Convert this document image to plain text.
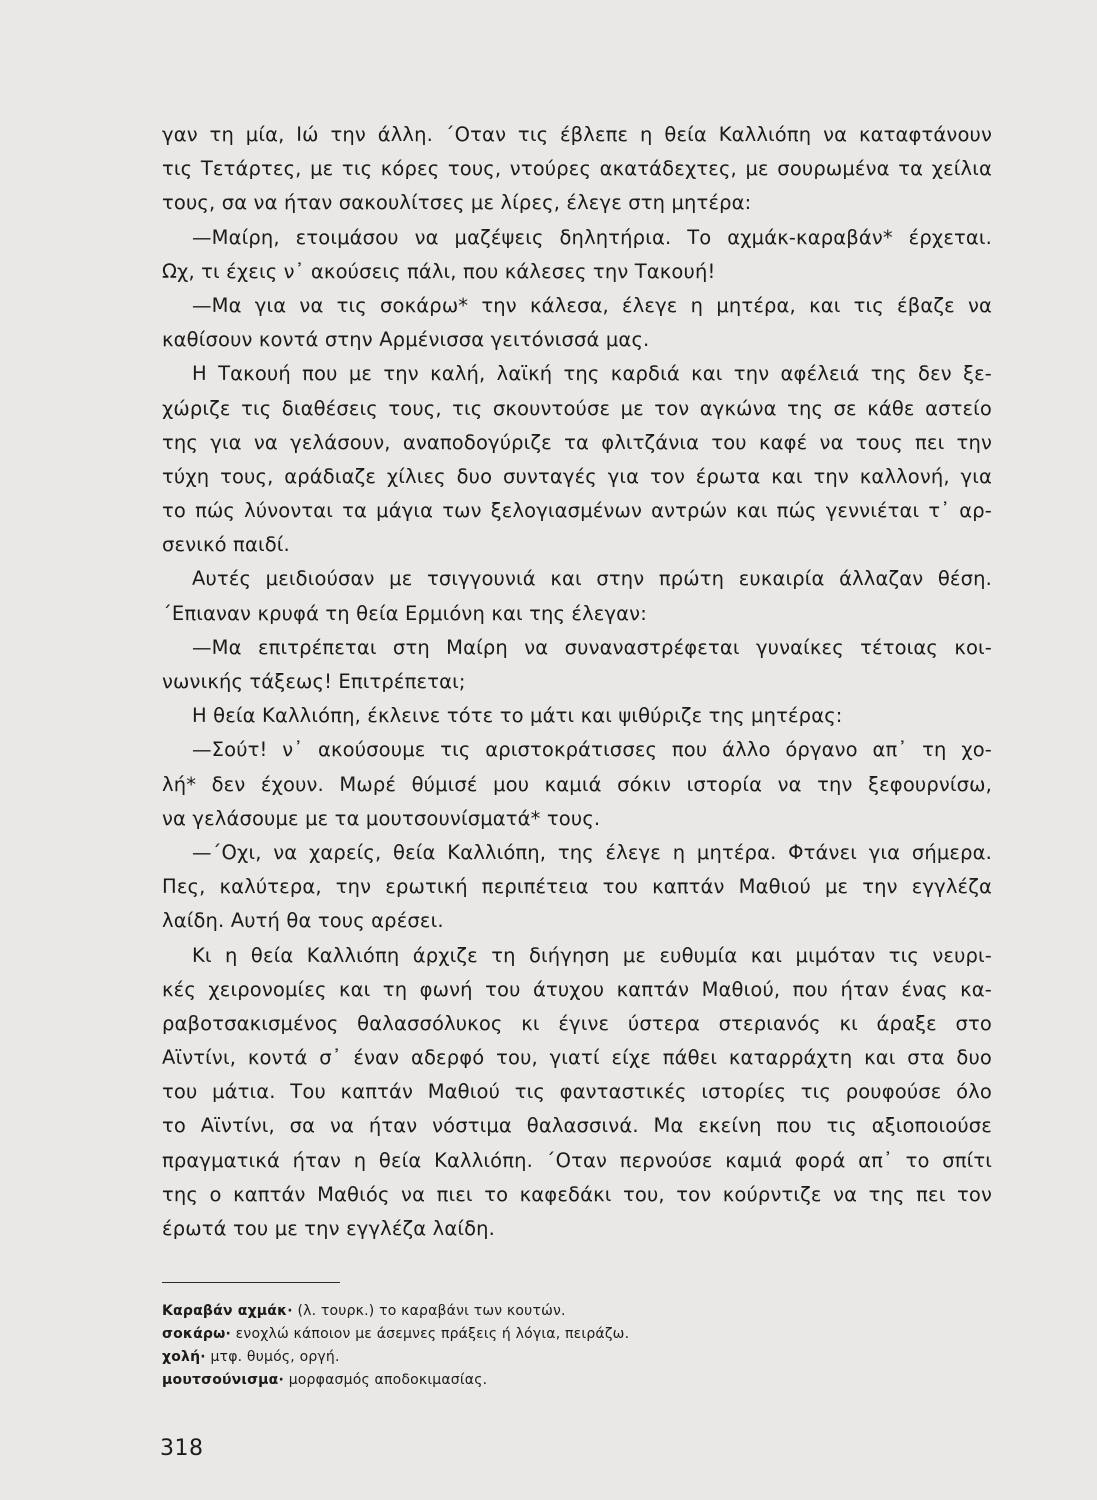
γαν τη μία, Ιώ την άλλη. ΄Οταν τις έβλεπε η θεία Καλλιόπη να καταφτάνουν
τις Τετάρτες, με τις κόρες τους, ντούρες ακατάδεχτες, με σουρωμένα τα χείλια
τους, σα να ήταν σακουλίτσες με λίρες, έλεγε στη μητέρα:
—Μαίρη, ετοιμάσου να μαζέψεις δηλητήρια. Το αχμάκ-καραβάν* έρχεται.
Ωχ, τι έχεις ν᾽ ακούσεις πάλι, που κάλεσες την Τακουή!
—Μα για να τις σοκάρω* την κάλεσα, έλεγε η μητέρα, και τις έβαζε να
καθίσουν κοντά στην Αρμένισσα γειτόνισσά μας.
Η Τακουή που με την καλή, λαϊκή της καρδιά και την αφέλειά της δεν ξε-
χώριζε τις διαθέσεις τους, τις σκουντούσε με τον αγκώνα της σε κάθε αστείο
της για να γελάσουν, αναποδογύριζε τα φλιτζάνια του καφέ να τους πει την
τύχη τους, αράδιαζε χίλιες δυο συνταγές για τον έρωτα και την καλλονή, για
το πώς λύνονται τα μάγια των ξελογιασμένων αντρών και πώς γεννιέται τ᾽ αρ-
σενικό παιδί.
Αυτές μειδιούσαν με τσιγγουνιά και στην πρώτη ευκαιρία άλλαζαν θέση.
΄Επιαναν κρυφά τη θεία Ερμιόνη και της έλεγαν:
—Μα επιτρέπεται στη Μαίρη να συναναστρέφεται γυναίκες τέτοιας κοι-
νωνικής τάξεως! Επιτρέπεται;
Η θεία Καλλιόπη, έκλεινε τότε το μάτι και ψιθύριζε της μητέρας:
—Σούτ! ν᾽ ακούσουμε τις αριστοκράτισσες που άλλο όργανο απ᾽ τη χο-
λή* δεν έχουν. Μωρέ θύμισέ μου καμιά σόκιν ιστορία να την ξεφουρνίσω,
να γελάσουμε με τα μουτσουνίσματά* τους.
—΄Οχι, να χαρείς, θεία Καλλιόπη, της έλεγε η μητέρα. Φτάνει για σήμερα.
Πες, καλύτερα, την ερωτική περιπέτεια του καπτάν Μαθιού με την εγγλέζα
λαίδη. Αυτή θα τους αρέσει.
Κι η θεία Καλλιόπη άρχιζε τη διήγηση με ευθυμία και μιμόταν τις νευρι-
κές χειρονομίες και τη φωνή του άτυχου καπτάν Μαθιού, που ήταν ένας κα-
ραβοτσακισμένος θαλασσόλυκος κι έγινε ύστερα στεριανός κι άραξε στο
Αϊντίνι, κοντά σ᾽ έναν αδερφό του, γιατί είχε πάθει καταρράχτη και στα δυο
του μάτια. Του καπτάν Μαθιού τις φανταστικές ιστορίες τις ρουφούσε όλο
το Αϊντίνι, σα να ήταν νόστιμα θαλασσινά. Μα εκείνη που τις αξιοποιούσε
πραγματικά ήταν η θεία Καλλιόπη. ΄Οταν περνούσε καμιά φορά απ᾽ το σπίτι
της ο καπτάν Μαθιός να πιει το καφεδάκι του, τον κούρντιζε να της πει τον
έρωτά του με την εγγλέζα λαίδη.
Καραβάν αχμάκ· (λ. τουρκ.) το καραβάνι των κουτών.
σοκάρω· ενοχλώ κάποιον με άσεμνες πράξεις ή λόγια, πειράζω.
χολή· μτφ. θυμός, οργή.
μουτσούνισμα· μορφασμός αποδοκιμασίας.
318
